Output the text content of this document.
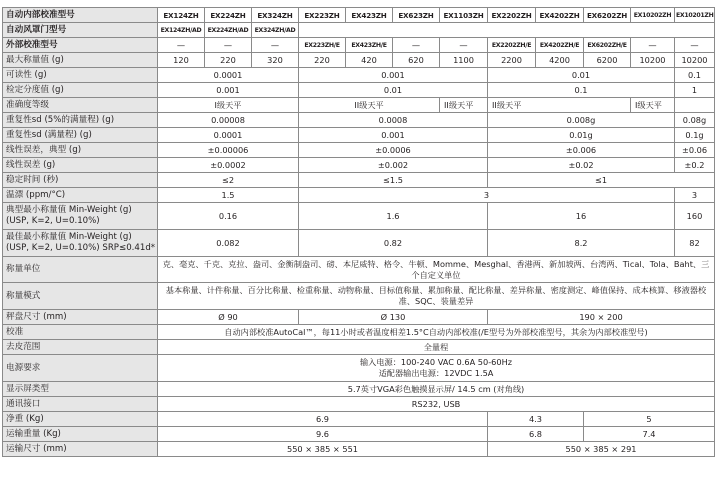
自动内部校准型号	EX124ZH	EX224ZH	EX324ZH	EX223ZH	EX423ZH	EX623ZH	EX1103ZH	EX2202ZH	EX4202ZH	EX6202ZH	EX10202ZH	EX10201ZH
自动风罩门型号	EX124ZH/AD	EX224ZH/AD	EX324ZH/AD									
外部校准型号	—	—	—	EX223ZH/E	EX423ZH/E	—	—	EX2202ZH/E	EX4202ZH/E	EX6202ZH/E	—	—
最大称量值 (g)	120	220	320	220	420	620	1100	2200	4200	6200	10200	10200
可读性 (g)	0.0001			0.001				0.01				0.1
检定分度值 (g)	0.001			0.01				0.1				1
准确度等级	I级天平			II级天平			II级天平	II级天平			I级天平	
重复性sd (5%的满量程) (g)	0.00008			0.0008				0.008g				0.08g
重复性sd (满量程) (g)	0.0001			0.001				0.01g				0.1g
线性误差，典型 (g)	±0.00006			±0.0006				±0.006				±0.06
线性误差 (g)	±0.0002			±0.002				±0.02				±0.2
稳定时间 (秒)	≤2			≤1.5				≤1				
温漂 (ppm/°C)	1.5			3								3
典型最小称量值 Min-Weight (g)
(USP, K=2, U=0.10%)	0.16			1.6				16				160
最佳最小称量值 Min-Weight (g)
(USP, K=2, U=0.10%) SRP≤0.41d*	0.082			0.82				8.2				82
称量单位	克、毫克、千克、克拉、盎司、金衡制盎司、磅、本尼威特、格令、牛顿、Momme、Mesghal、香港两、新加坡两、台湾两、Tical、Tola、Baht、三个自定义单位											
称量模式	基本称量、计件称量、百分比称量、检重称量、动物称量、目标值称量、累加称量、配比称量、差异称量、密度测定、峰值保持、成本核算、移液器校准、SQC、装量差异											
秤盘尺寸 (mm)	Ø 90			Ø 130				190 × 200				
校准	自动内部校准AutoCal™，每11小时或者温度相差1.5°C自动内部校准(/E型号为外部校准型号，其余为内部校准型号)											
去皮范围	全量程											
电源要求	输入电源：100-240 VAC 0.6A 50-60Hz
适配器输出电源：12VDC 1.5A											
显示屏类型	5.7英寸VGA彩色触摸显示屏/ 14.5 cm (对角线)											
通讯接口	RS232, USB											
净重 (Kg)	6.9							4.3		5		
运输重量 (Kg)	9.6							6.8		7.4		
运输尺寸 (mm)	550 × 385 × 551							550 × 385 × 291				
